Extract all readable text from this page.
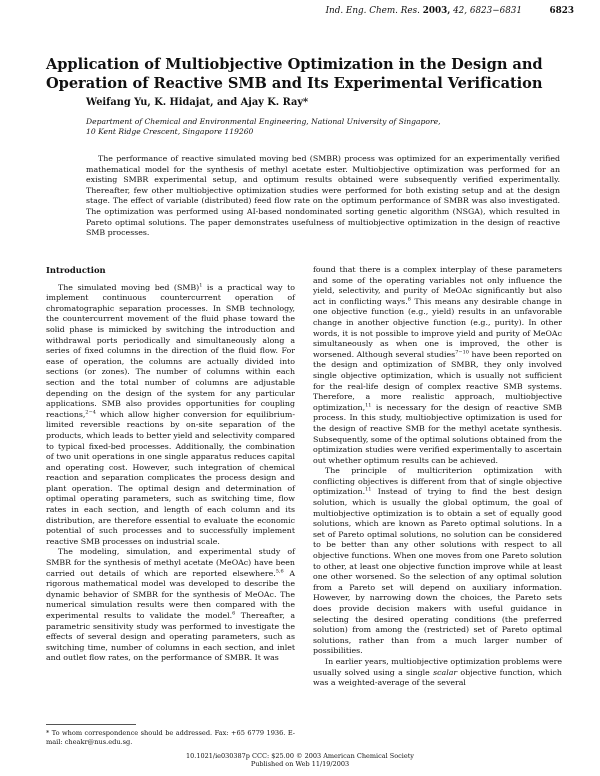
Ind. Eng. Chem. Res. 2003, 42, 6823−6831	6823
Application of Multiobjective Optimization in the Design and Operation of Reactive SMB and Its Experimental Verification
Weifang Yu, K. Hidajat, and Ajay K. Ray*
Department of Chemical and Environmental Engineering, National University of Singapore,
10 Kent Ridge Crescent, Singapore 119260

The performance of reactive simulated moving bed (SMBR) process was optimized for an experimentally verified mathematical model for the synthesis of methyl acetate ester. Multiobjective optimization was performed for an existing SMBR experimental setup, and optimum results obtained were subsequently verified experimentally. Thereafter, few other multiobjective optimization studies were performed for both existing setup and at the design stage. The effect of variable (distributed) feed flow rate on the optimum performance of SMBR was also investigated. The optimization was performed using AI-based nondominated sorting genetic algorithm (NSGA), which resulted in Pareto optimal solutions. The paper demonstrates usefulness of multiobjective optimization in the design of reactive SMB processes.

Introduction

The simulated moving bed (SMB)$^1$ is a practical way to implement continuous countercurrent operation of chromatographic separation processes. In SMB technology, the countercurrent movement of the fluid phase toward the solid phase is mimicked by switching the introduction and withdrawal ports periodically and simultaneously along a series of fixed columns in the direction of the fluid flow. For ease of operation, the columns are actually divided into sections (or zones). The number of columns within each section and the total number of columns are adjustable depending on the design of the system for any particular applications. SMB also provides opportunities for coupling reactions,$^{2-4}$ which allow higher conversion for equilibrium-limited reversible reactions by on-site separation of the products, which leads to better yield and selectivity compared to typical fixed-bed processes. Additionally, the combination of two unit operations in one single apparatus reduces capital and operating cost. However, such integration of chemical reaction and separation complicates the process design and plant operation. The optimal design and determination of optimal operating parameters, such as switching time, flow rates in each section, and length of each column and its distribution, are therefore essential to evaluate the economic potential of such processes and to successfully implement reactive SMB processes on industrial scale.

The modeling, simulation, and experimental study of SMBR for the synthesis of methyl acetate (MeOAc) have been carried out details of which are reported elsewhere.$^{5,6}$ A rigorous mathematical model was developed to describe the dynamic behavior of SMBR for the synthesis of MeOAc. The numerical simulation results were then compared with the experimental results to validate the model.$^6$ Thereafter, a parametric sensitivity study was performed to investigate the effects of several design and operating parameters, such as switching time, number of columns in each section, and inlet and outlet flow rates, on the performance of SMBR. It was

found that there is a complex interplay of these parameters and some of the operating variables not only influence the yield, selectivity, and purity of MeOAc significantly but also act in conflicting ways.$^6$ This means any desirable change in one objective function (e.g., yield) results in an unfavorable change in another objective function (e.g., purity). In other words, it is not possible to improve yield and purity of MeOAc simultaneously as when one is improved, the other is worsened. Although several studies$^{7-10}$ have been reported on the design and optimization of SMBR, they only involved single objective optimization, which is usually not sufficient for the real-life design of complex reactive SMB systems. Therefore, a more realistic approach, multiobjective optimization,$^{11}$ is necessary for the design of reactive SMB process. In this study, multiobjective optimization is used for the design of reactive SMB for the methyl acetate synthesis. Subsequently, some of the optimal solutions obtained from the optimization studies were verified experimentally to ascertain out whether optimum results can be achieved.

The principle of multicriterion optimization with conflicting objectives is different from that of single objective optimization.$^{11}$ Instead of trying to find the best design solution, which is usually the global optimum, the goal of multiobjective optimization is to obtain a set of equally good solutions, which are known as Pareto optimal solutions. In a set of Pareto optimal solutions, no solution can be considered to be better than any other solutions with respect to all objective functions. When one moves from one Pareto solution to other, at least one objective function improve while at least one other worsened. So the selection of any optimal solution from a Pareto set will depend on auxiliary information. However, by narrowing down the choices, the Pareto sets does provide decision makers with useful guidance in selecting the desired operating conditions (the preferred solution) from among the (restricted) set of Pareto optimal solutions, rather than from a much larger number of possibilities.

In earlier years, multiobjective optimization problems were usually solved using a single scalar objective function, which was a weighted-average of the several

* To whom correspondence should be addressed. Fax: +65 6779 1936. E-mail: cheakr@nus.edu.sg.
10.1021/ie030387p CCC: $25.00 © 2003 American Chemical Society
Published on Web 11/19/2003
